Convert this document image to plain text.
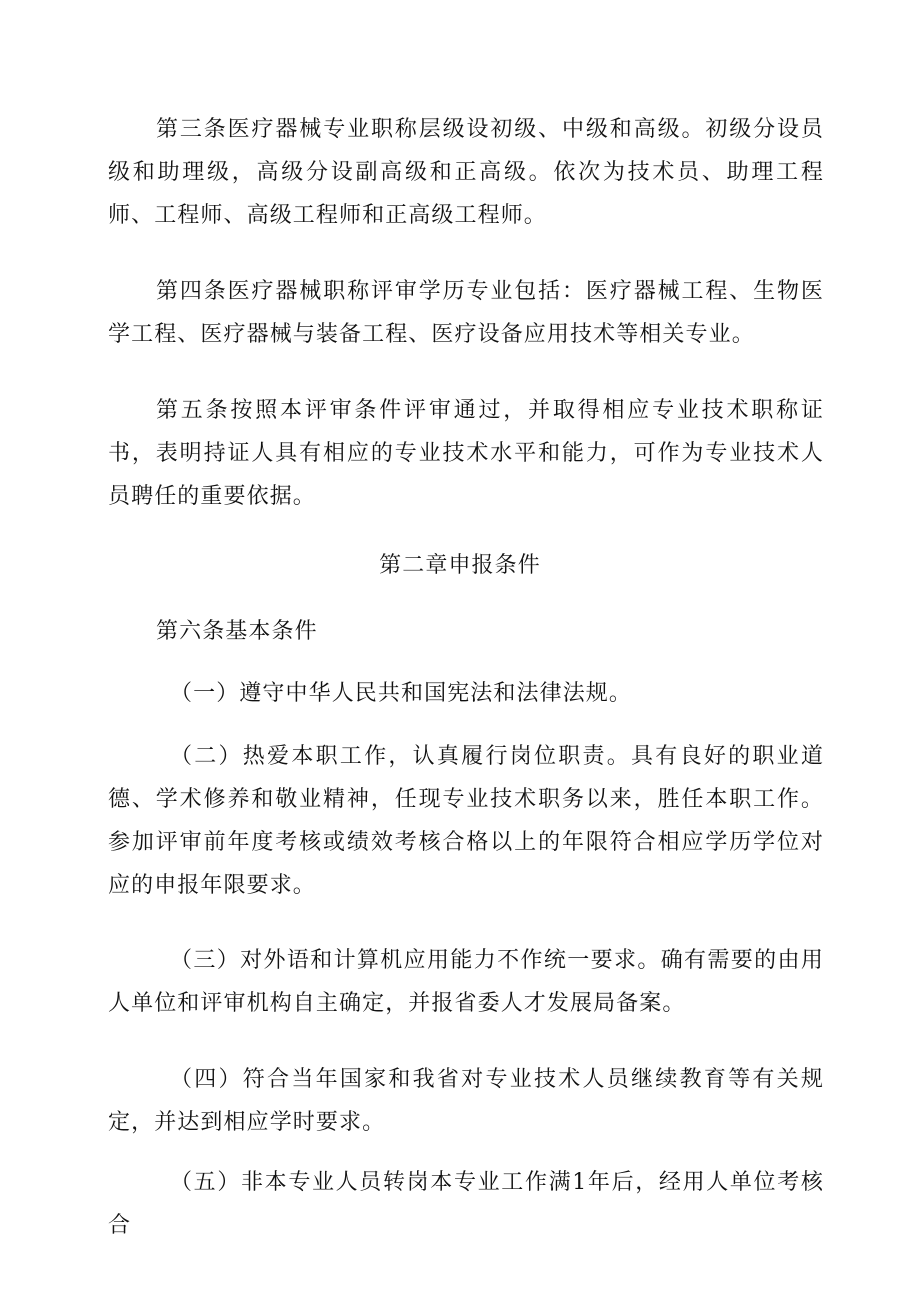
第三条医疗器械专业职称层级设初级、中级和高级。初级分设员级和助理级，高级分设副高级和正高级。依次为技术员、助理工程师、工程师、高级工程师和正高级工程师。

第四条医疗器械职称评审学历专业包括：医疗器械工程、生物医学工程、医疗器械与装备工程、医疗设备应用技术等相关专业。

第五条按照本评审条件评审通过，并取得相应专业技术职称证书，表明持证人具有相应的专业技术水平和能力，可作为专业技术人员聘任的重要依据。

第二章申报条件

第六条基本条件

（一）遵守中华人民共和国宪法和法律法规。

（二）热爱本职工作，认真履行岗位职责。具有良好的职业道德、学术修养和敬业精神，任现专业技术职务以来，胜任本职工作。参加评审前年度考核或绩效考核合格以上的年限符合相应学历学位对应的申报年限要求。

（三）对外语和计算机应用能力不作统一要求。确有需要的由用人单位和评审机构自主确定，并报省委人才发展局备案。

（四）符合当年国家和我省对专业技术人员继续教育等有关规定，并达到相应学时要求。

（五）非本专业人员转岗本专业工作满1年后，经用人单位考核合
